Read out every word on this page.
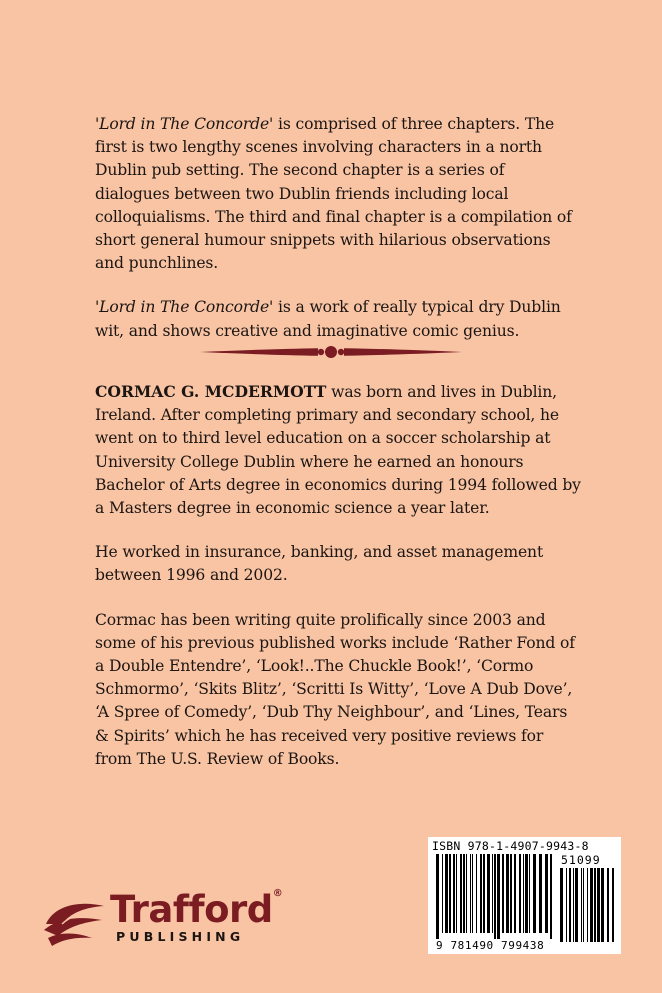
'Lord in The Concorde' is comprised of three chapters. The first is two lengthy scenes involving characters in a north Dublin pub setting. The second chapter is a series of dialogues between two Dublin friends including local colloquialisms. The third and final chapter is a compilation of short general humour snippets with hilarious observations and punchlines.

'Lord in The Concorde' is a work of really typical dry Dublin wit, and shows creative and imaginative comic genius.

CORMAC G. MCDERMOTT was born and lives in Dublin, Ireland. After completing primary and secondary school, he went on to third level education on a soccer scholarship at University College Dublin where he earned an honours Bachelor of Arts degree in economics during 1994 followed by a Masters degree in economic science a year later.

He worked in insurance, banking, and asset management between 1996 and 2002.

Cormac has been writing quite prolifically since 2003 and some of his previous published works include ‘Rather Fond of a Double Entendre’, ‘Look!..The Chuckle Book!’, ‘Cormo Schmormo’, ‘Skits Blitz’, ‘Scritti Is Witty’, ‘Love A Dub Dove’, ‘A Spree of Comedy’, ‘Dub Thy Neighbour’, and ‘Lines, Tears & Spirits’ which he has received very positive reviews for from The U.S. Review of Books.

ISBN 978-1-4907-9943-8
51099
9 781490 799438
Trafford®
PUBLISHING
